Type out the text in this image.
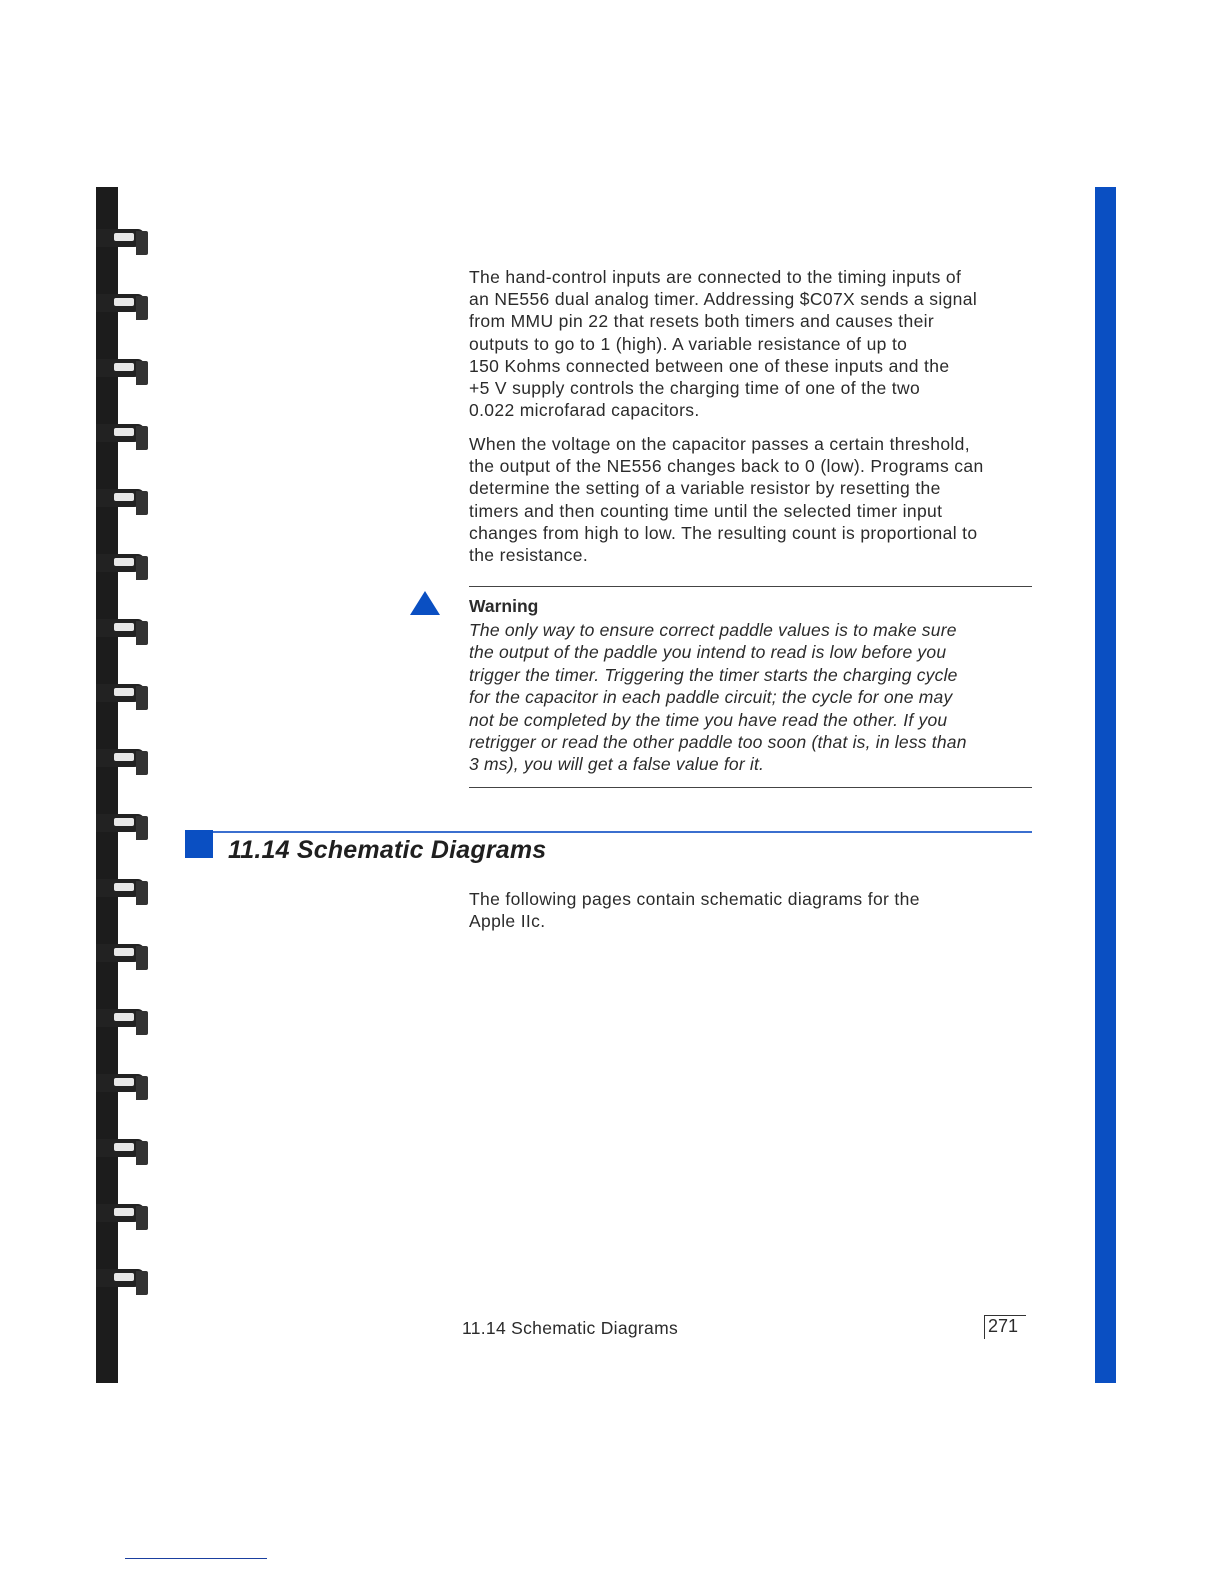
The hand-control inputs are connected to the timing inputs of
an NE556 dual analog timer. Addressing $C07X sends a signal
from MMU pin 22 that resets both timers and causes their
outputs to go to 1 (high). A variable resistance of up to
150 Kohms connected between one of these inputs and the
+5 V supply controls the charging time of one of the two
0.022 microfarad capacitors.

When the voltage on the capacitor passes a certain threshold,
the output of the NE556 changes back to 0 (low). Programs can
determine the setting of a variable resistor by resetting the
timers and then counting time until the selected timer input
changes from high to low. The resulting count is proportional to
the resistance.

Warning

The only way to ensure correct paddle values is to make sure
the output of the paddle you intend to read is low before you
trigger the timer. Triggering the timer starts the charging cycle
for the capacitor in each paddle circuit; the cycle for one may
not be completed by the time you have read the other. If you
retrigger or read the other paddle too soon (that is, in less than
3 ms), you will get a false value for it.

11.14 Schematic Diagrams

The following pages contain schematic diagrams for the
Apple IIc.

11.14 Schematic Diagrams	271
